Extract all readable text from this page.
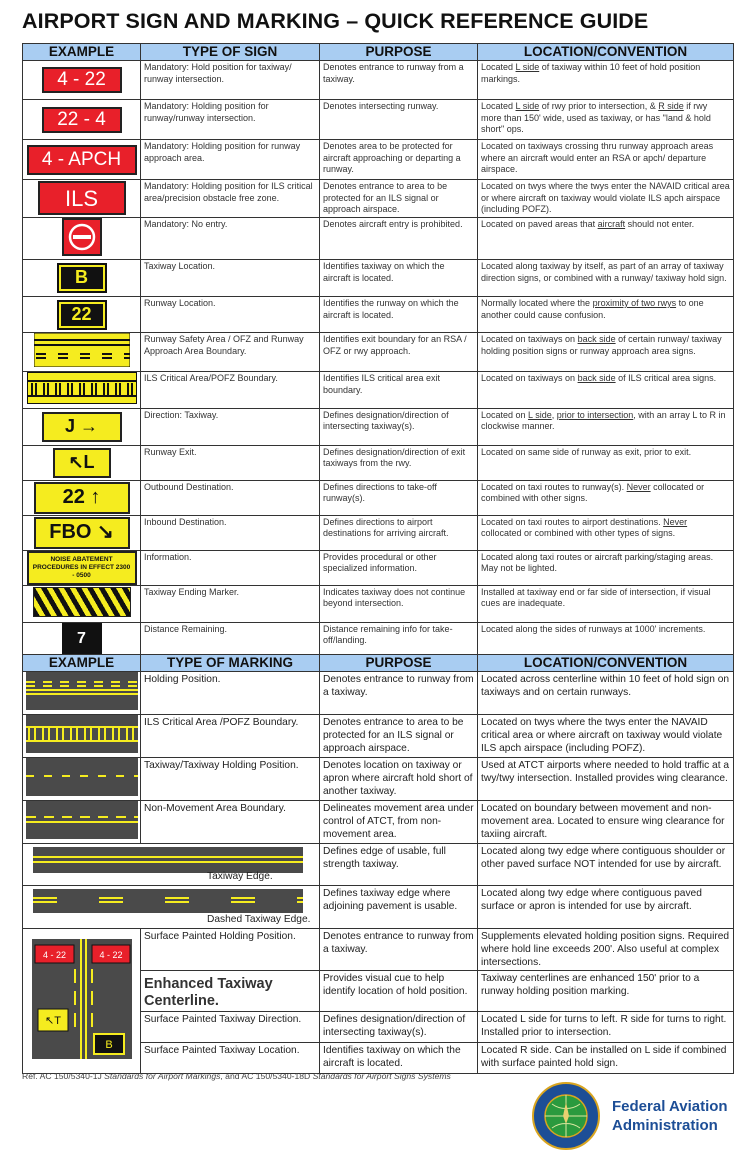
AIRPORT SIGN AND MARKING – QUICK REFERENCE GUIDE
EXAMPLE	TYPE OF SIGN	PURPOSE	LOCATION/CONVENTION
4 - 22	Mandatory: Hold position for taxiway/ runway intersection.	Denotes entrance to runway from a taxiway.	Located L side of taxiway within 10 feet of hold position markings.
22 - 4	Mandatory: Holding position for runway/runway intersection.	Denotes intersecting runway.	Located L side of rwy prior to intersection, & R side if rwy more than 150' wide, used as taxiway, or has "land & hold short" ops.
4 - APCH	Mandatory: Holding position for runway approach area.	Denotes area to be protected for aircraft approaching or departing a runway.	Located on taxiways crossing thru runway approach areas where an aircraft would enter an RSA or apch/ departure airspace.
ILS	Mandatory: Holding position for ILS critical area/precision obstacle free zone.	Denotes entrance to area to be protected for an ILS signal or approach airspace.	Located on twys where the twys enter the NAVAID critical area or where aircraft on taxiway would violate ILS apch airspace (including POFZ).
	Mandatory: No entry.	Denotes aircraft entry is prohibited.	Located on paved areas that aircraft should not enter.
B	Taxiway Location.	Identifies taxiway on which the aircraft is located.	Located along taxiway by itself, as part of an array of taxiway direction signs, or combined with a runway/ taxiway hold sign.
22	Runway Location.	Identifies the runway on which the aircraft is located.	Normally located where the proximity of two rwys to one another could cause confusion.
	Runway Safety Area / OFZ and Runway Approach Area Boundary.	Identifies exit boundary for an RSA / OFZ or rwy approach.	Located on taxiways on back side of certain runway/ taxiway holding position signs or runway approach area signs.
	ILS Critical Area/POFZ Boundary.	Identifies ILS critical area exit boundary.	Located on taxiways on back side of ILS critical area signs.
J →	Direction: Taxiway.	Defines designation/direction of intersecting taxiway(s).	Located on L side, prior to intersection, with an array L to R in clockwise manner.
↖L	Runway Exit.	Defines designation/direction of exit taxiways from the rwy.	Located on same side of runway as exit, prior to exit.
22 ↑	Outbound Destination.	Defines directions to take-off runway(s).	Located on taxi routes to runway(s). Never collocated or combined with other signs.
FBO ↘	Inbound Destination.	Defines directions to airport destinations for arriving aircraft.	Located on taxi routes to airport destinations. Never collocated or combined with other types of signs.
NOISE ABATEMENT PROCEDURES IN EFFECT 2300 - 0500	Information.	Provides procedural or other specialized information.	Located along taxi routes or aircraft parking/staging areas. May not be lighted.
	Taxiway Ending Marker.	Indicates taxiway does not continue beyond intersection.	Installed at taxiway end or far side of intersection, if visual cues are inadequate.
7	Distance Remaining.	Distance remaining info for take-off/landing.	Located along the sides of runways at 1000' increments.
EXAMPLE	TYPE OF MARKING	PURPOSE	LOCATION/CONVENTION
	Holding Position.	Denotes entrance to runway from a taxiway.	Located across centerline within 10 feet of hold sign on taxiways and on certain runways.
	ILS Critical Area /POFZ Boundary.	Denotes entrance to area to be protected for an ILS signal or approach airspace.	Located on twys where the twys enter the NAVAID critical area or where aircraft on taxiway would violate ILS apch airspace (including POFZ).
	Taxiway/Taxiway Holding Position.	Denotes location on taxiway or apron where aircraft hold short of another taxiway.	Used at ATCT airports where needed to hold traffic at a twy/twy intersection. Installed provides wing clearance.
	Non-Movement Area Boundary.	Delineates movement area under control of ATCT, from non-movement area.	Located on boundary between movement and non-movement area. Located to ensure wing clearance for taxiing aircraft.

Taxiway Edge.		Defines edge of usable, full strength taxiway.	Located along twy edge where contiguous shoulder or other paved surface NOT intended for use by aircraft.

Dashed Taxiway Edge.		Defines taxiway edge where adjoining pavement is usable.	Located along twy edge where contiguous paved surface or apron is intended for use by aircraft.

4 - 22 4 - 22
↖T
B	Surface Painted Holding Position.	Denotes entrance to runway from a taxiway.	Supplements elevated holding position signs. Required where hold line exceeds 200'. Also useful at complex intersections.

	Enhanced Taxiway Centerline.	Provides visual cue to help identify location of hold position.	Taxiway centerlines are enhanced 150' prior to a runway holding position marking.
	Surface Painted Taxiway Direction.	Defines designation/direction of intersecting taxiway(s).	Located L side for turns to left. R side for turns to right. Installed prior to intersection.
	Surface Painted Taxiway Location.	Identifies taxiway on which the aircraft is located.	Located R side. Can be installed on L side if combined with surface painted hold sign.
Ref. AC 150/5340-1J Standards for Airport Markings, and AC 150/5340-18D Standards for Airport Signs Systems
Federal Aviation
Administration
